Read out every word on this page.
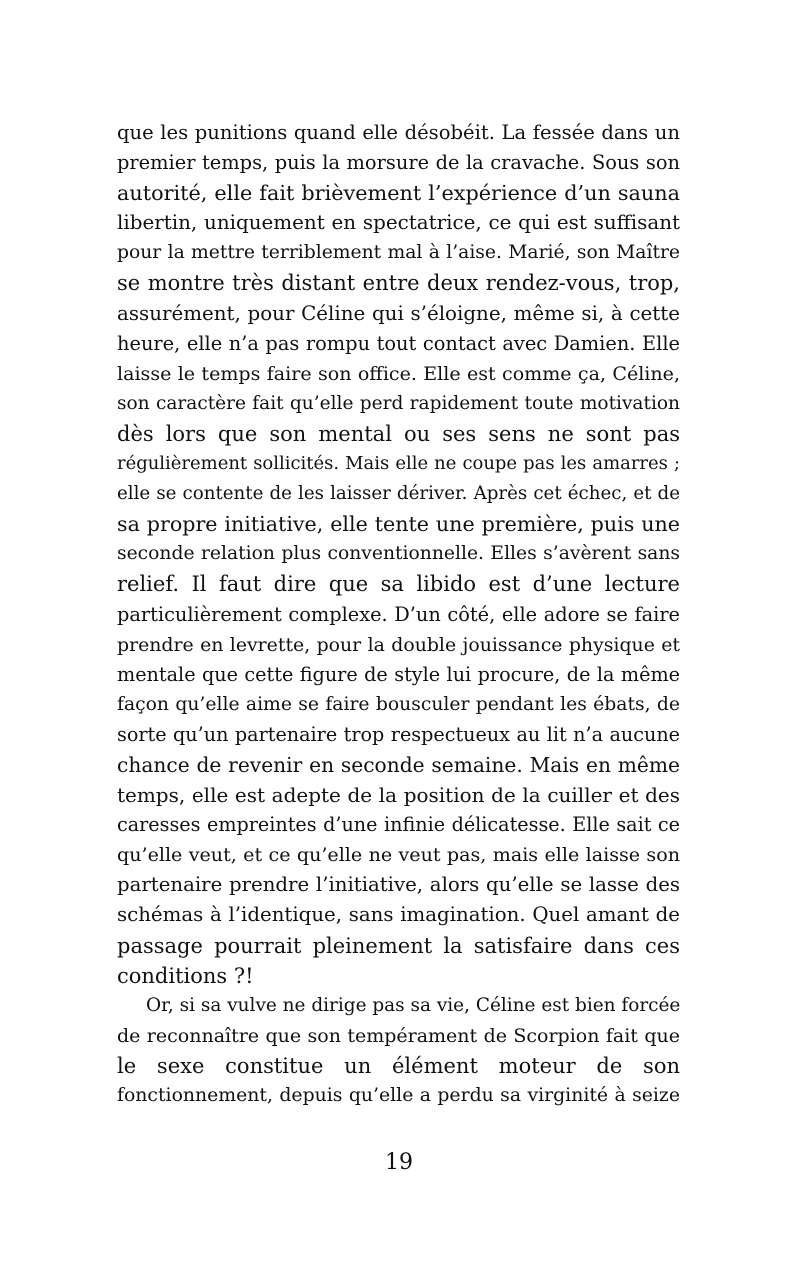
que les punitions quand elle désobéit. La fessée dans un
premier temps, puis la morsure de la cravache. Sous son
autorité, elle fait brièvement l’expérience d’un sauna
libertin, uniquement en spectatrice, ce qui est suffisant
pour la mettre terriblement mal à l’aise. Marié, son Maître
se montre très distant entre deux rendez-vous, trop,
assurément, pour Céline qui s’éloigne, même si, à cette
heure, elle n’a pas rompu tout contact avec Damien. Elle
laisse le temps faire son office. Elle est comme ça, Céline,
son caractère fait qu’elle perd rapidement toute motivation
dès lors que son mental ou ses sens ne sont pas
régulièrement sollicités. Mais elle ne coupe pas les amarres ;
elle se contente de les laisser dériver. Après cet échec, et de
sa propre initiative, elle tente une première, puis une
seconde relation plus conventionnelle. Elles s’avèrent sans
relief. Il faut dire que sa libido est d’une lecture
particulièrement complexe. D’un côté, elle adore se faire
prendre en levrette, pour la double jouissance physique et
mentale que cette figure de style lui procure, de la même
façon qu’elle aime se faire bousculer pendant les ébats, de
sorte qu’un partenaire trop respectueux au lit n’a aucune
chance de revenir en seconde semaine. Mais en même
temps, elle est adepte de la position de la cuiller et des
caresses empreintes d’une infinie délicatesse. Elle sait ce
qu’elle veut, et ce qu’elle ne veut pas, mais elle laisse son
partenaire prendre l’initiative, alors qu’elle se lasse des
schémas à l’identique, sans imagination. Quel amant de
passage pourrait pleinement la satisfaire dans ces
conditions ?!
Or, si sa vulve ne dirige pas sa vie, Céline est bien forcée
de reconnaître que son tempérament de Scorpion fait que
le sexe constitue un élément moteur de son
fonctionnement, depuis qu’elle a perdu sa virginité à seize
19
